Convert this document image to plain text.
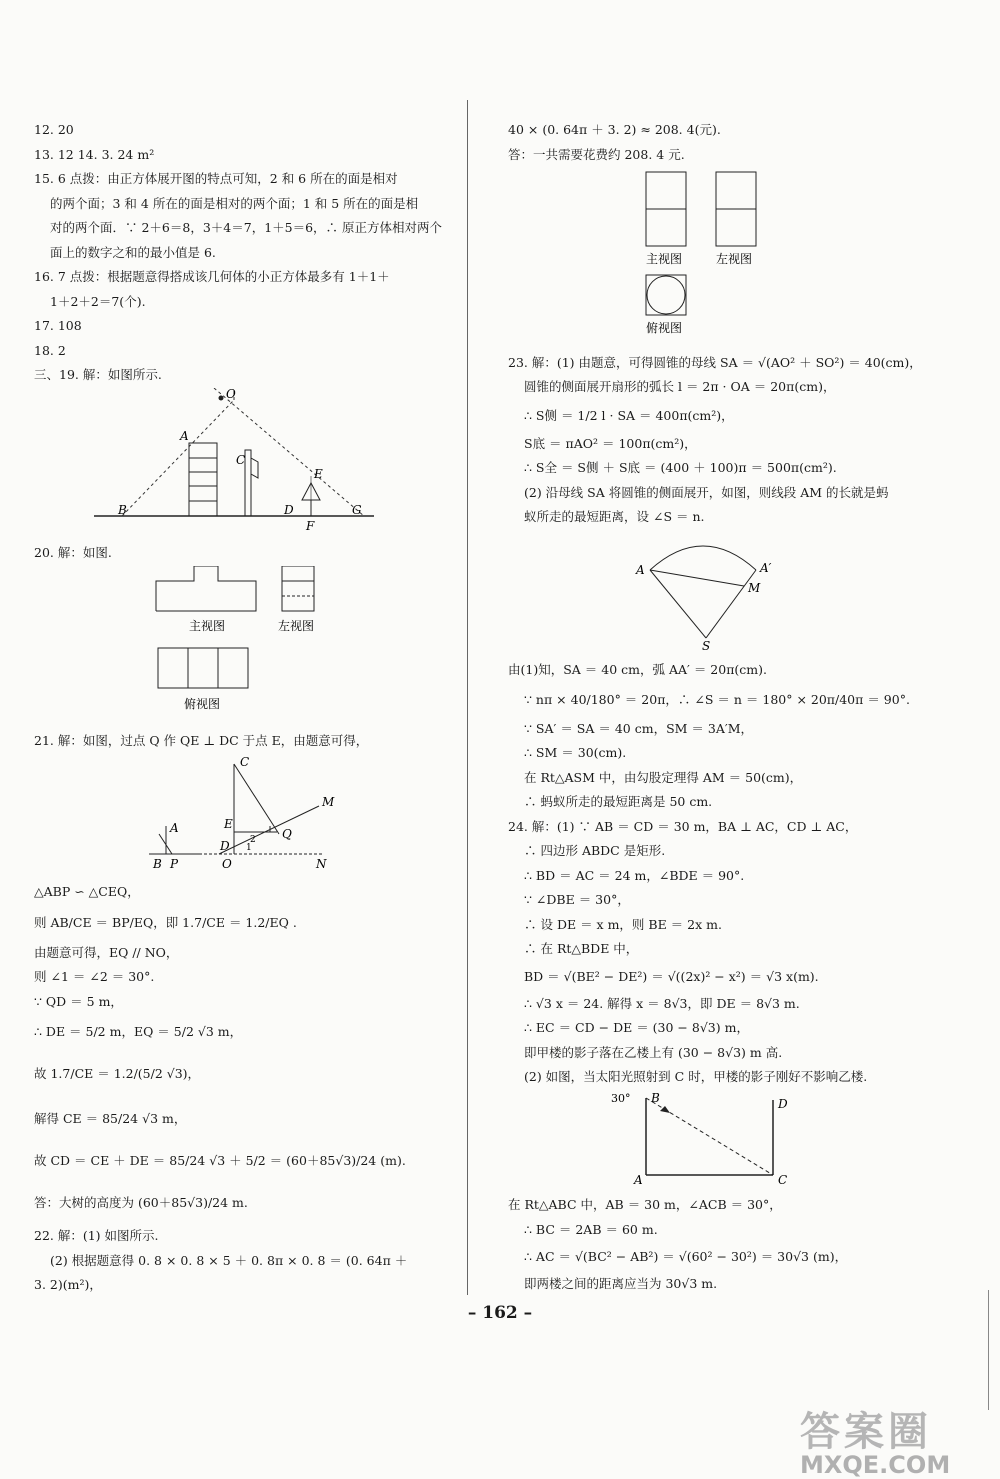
12. 20
13. 12 14. 3. 24 m²
15. 6 点拨：由正方体展开图的特点可知，2 和 6 所在的面是相对
的两个面；3 和 4 所在的面是相对的两个面；1 和 5 所在的面是相
对的两个面．∵ 2＋6＝8，3＋4＝7，1＋5＝6，∴ 原正方体相对两个
面上的数字之和的最小值是 6.
16. 7 点拨：根据题意得搭成该几何体的小正方体最多有 1＋1＋
1＋2＋2＝7(个).
17. 108
18. 2
三、19. 解：如图所示.
O
A
C
E
B	D
F
G
20. 解：如图.
主视图	左视图
俯视图
21. 解：如图，过点 Q 作 QE ⊥ DC 于点 E，由题意可得，
C
M
A	E
Q
D
B P	O	N
1
2
△ABP ∽ △CEQ，
则 AB/CE ＝ BP/EQ，即 1.7/CE ＝ 1.2/EQ .
由题意可得，EQ // NO，
则 ∠1 ＝ ∠2 ＝ 30°.
∵ QD ＝ 5 m，
∴ DE ＝ 5/2 m，EQ ＝ 5/2 √3 m，
故 1.7/CE ＝ 1.2/(5/2 √3)，
解得 CE ＝ 85/24 √3 m，
故 CD ＝ CE ＋ DE ＝ 85/24 √3 ＋ 5/2 ＝ (60＋85√3)/24 (m).
答：大树的高度为 (60＋85√3)/24 m.
22. 解：(1) 如图所示.
(2) 根据题意得 0. 8 × 0. 8 × 5 ＋ 0. 8π × 0. 8 ＝ (0. 64π ＋
3. 2)(m²)，
40 × (0. 64π ＋ 3. 2) ≈ 208. 4(元).
答：一共需要花费约 208. 4 元.
主视图	左视图
俯视图
23. 解：(1) 由题意，可得圆锥的母线 SA ＝ √(AO² ＋ SO²) ＝ 40(cm)，
圆锥的侧面展开扇形的弧长 l ＝ 2π · OA ＝ 20π(cm)，
∴ S侧 ＝ 1/2 l · SA ＝ 400π(cm²)，
S底 ＝ πAO² ＝ 100π(cm²)，
∴ S全 ＝ S侧 ＋ S底 ＝ (400 ＋ 100)π ＝ 500π(cm²).
(2) 沿母线 SA 将圆锥的侧面展开，如图，则线段 AM 的长就是蚂
蚁所走的最短距离，设 ∠S ＝ n.
A	A′
M
S
由(1)知，SA ＝ 40 cm，弧 AA′ ＝ 20π(cm).
∵ nπ × 40/180° ＝ 20π，∴ ∠S ＝ n ＝ 180° × 20π/40π ＝ 90°.
∵ SA′ ＝ SA ＝ 40 cm，SM ＝ 3A′M，
∴ SM ＝ 30(cm).
在 Rt△ASM 中，由勾股定理得 AM ＝ 50(cm)，
∴ 蚂蚁所走的最短距离是 50 cm.
24. 解：(1) ∵ AB ＝ CD ＝ 30 m，BA ⊥ AC，CD ⊥ AC，
∴ 四边形 ABDC 是矩形.
∴ BD ＝ AC ＝ 24 m，∠BDE ＝ 90°.
∵ ∠DBE ＝ 30°，
∴ 设 DE ＝ x m，则 BE ＝ 2x m.
∴ 在 Rt△BDE 中，
BD ＝ √(BE² − DE²) ＝ √((2x)² − x²) ＝ √3 x(m).
∴ √3 x ＝ 24. 解得 x ＝ 8√3，即 DE ＝ 8√3 m.
∴ EC ＝ CD − DE ＝ (30 − 8√3) m，
即甲楼的影子落在乙楼上有 (30 − 8√3) m 高.
(2) 如图，当太阳光照射到 C 时，甲楼的影子刚好不影响乙楼.
30° B	D
A	C
在 Rt△ABC 中，AB ＝ 30 m，∠ACB ＝ 30°，
∴ BC ＝ 2AB ＝ 60 m.
∴ AC ＝ √(BC² − AB²) ＝ √(60² − 30²) ＝ 30√3 (m)，
即两楼之间的距离应当为 30√3 m.
– 162 –
答案圈
MXQE.COM
